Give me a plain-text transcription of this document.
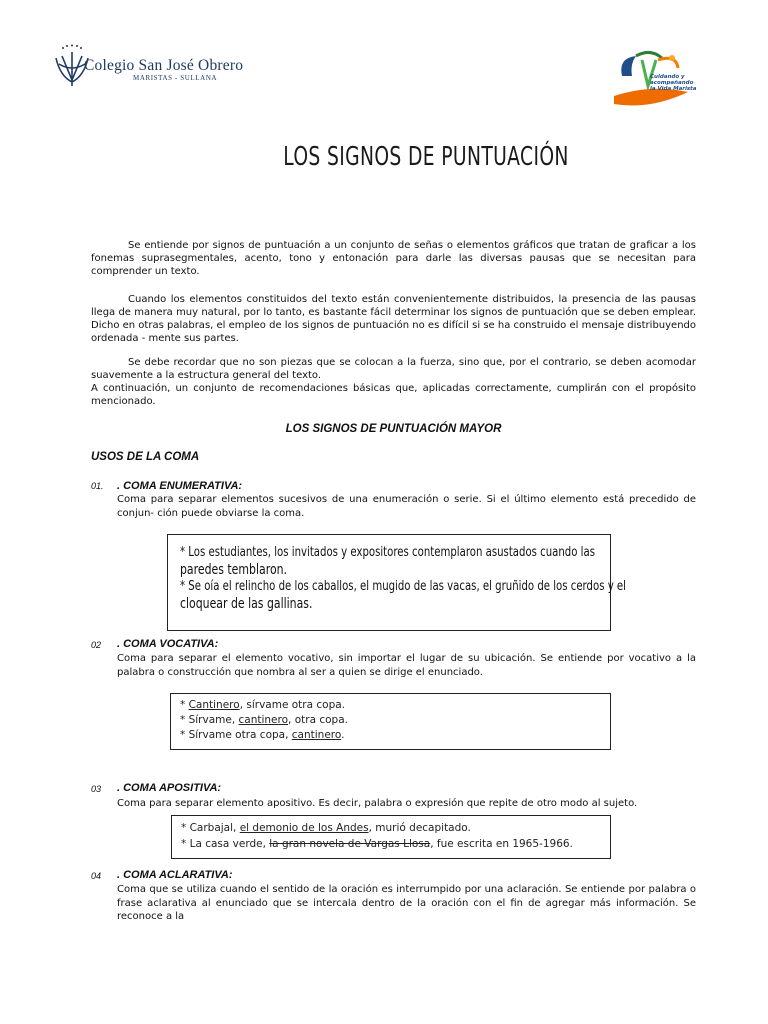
Colegio San José Obrero
MARISTAS - SULLANA	Cuidando y
acompañando
la Vida Marista
LOS SIGNOS DE PUNTUACIÓN

Se entiende por signos de puntuación a un conjunto de señas o elementos gráficos que tratan de graficar a los fonemas suprasegmentales, acento, tono y entonación para darle las diversas pausas que se necesitan para comprender un texto.

Cuando los elementos constituidos del texto están convenientemente distribuidos, la presencia de las pausas llega de manera muy natural, por lo tanto, es bastante fácil determinar los signos de puntuación que se deben emplear. Dicho en otras palabras, el empleo de los signos de puntuación no es difícil si se ha construido el mensaje distribuyendo ordenada - mente sus partes.

Se debe recordar que no son piezas que se colocan a la fuerza, sino que, por el contrario, se deben acomodar suavemente a la estructura general del texto.

A continuación, un conjunto de recomendaciones básicas que, aplicadas correctamente, cumplirán con el propósito mencionado.

LOS SIGNOS DE PUNTUACIÓN MAYOR
USOS DE LA COMA
01. . COMA ENUMERATIVA:

Coma para separar elementos sucesivos de una enumeración o serie. Si el último elemento está precedido de conjun- ción puede obviarse la coma.

* Los estudiantes, los invitados y expositores contemplaron asustados cuando las
paredes temblaron.
* Se oía el relincho de los caballos, el mugido de las vacas, el gruñido de los cerdos y el
cloquear de las gallinas.
02 . COMA VOCATIVA:

Coma para separar el elemento vocativo, sin importar el lugar de su ubicación. Se entiende por vocativo a la palabra o construcción que nombra al ser a quien se dirige el enunciado.

* Cantinero, sírvame otra copa.
* Sírvame, cantinero, otra copa.
* Sírvame otra copa, cantinero.
03 . COMA APOSITIVA:

Coma para separar elemento apositivo. Es decir, palabra o expresión que repite de otro modo al sujeto.

* Carbajal, el demonio de los Andes, murió decapitado.
* La casa verde, la gran novela de Vargas Llosa, fue escrita en 1965-1966.
04 . COMA ACLARATIVA:

Coma que se utiliza cuando el sentido de la oración es interrumpido por una aclaración. Se entiende por palabra o frase aclarativa al enunciado que se intercala dentro de la oración con el fin de agregar más información. Se reconoce a la
